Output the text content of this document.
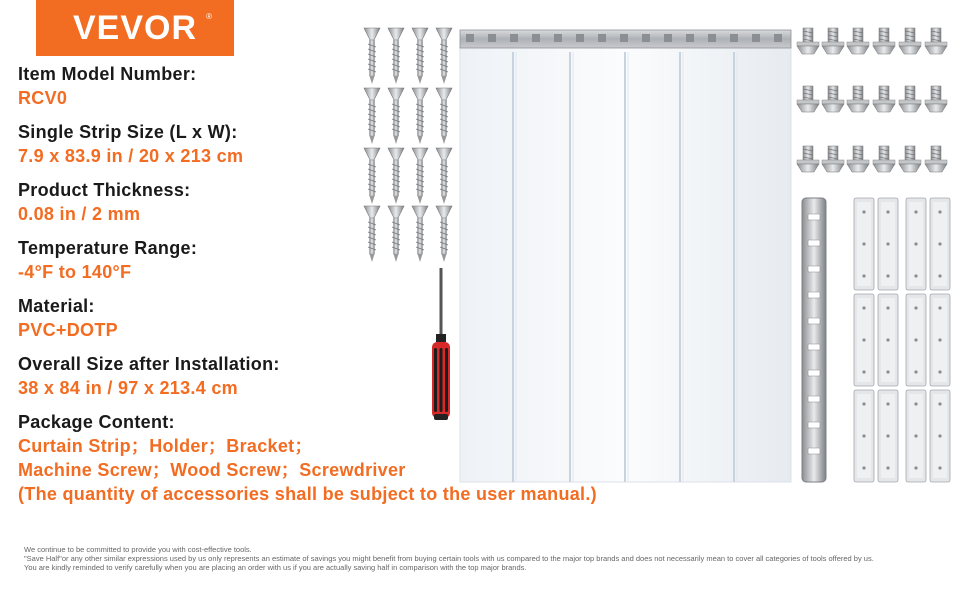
VEVOR ®
Item Model Number:
RCV0
Single Strip Size (L x W):
7.9 x 83.9 in / 20 x 213 cm
Product Thickness:
0.08 in / 2 mm
Temperature Range:
-4°F to 140°F
Material:
PVC+DOTP
Overall Size after Installation:
38 x 84 in / 97 x 213.4 cm
Package Content:
Curtain Strip；Holder；Bracket；
Machine Screw；Wood Screw；Screwdriver
(The quantity of accessories shall be subject to the user manual.)
We continue to be committed to provide you with cost-effective tools.
"Save Half"or any other similar expressions used by us only represents an estimate of savings you might benefit from buying certain tools with us compared to the major top brands and does not necessarily mean to cover all categories of tools offered by us.
You are kindly reminded to verify carefully when you are placing an order with us if you are actually saving half in comparison with the top major brands.
